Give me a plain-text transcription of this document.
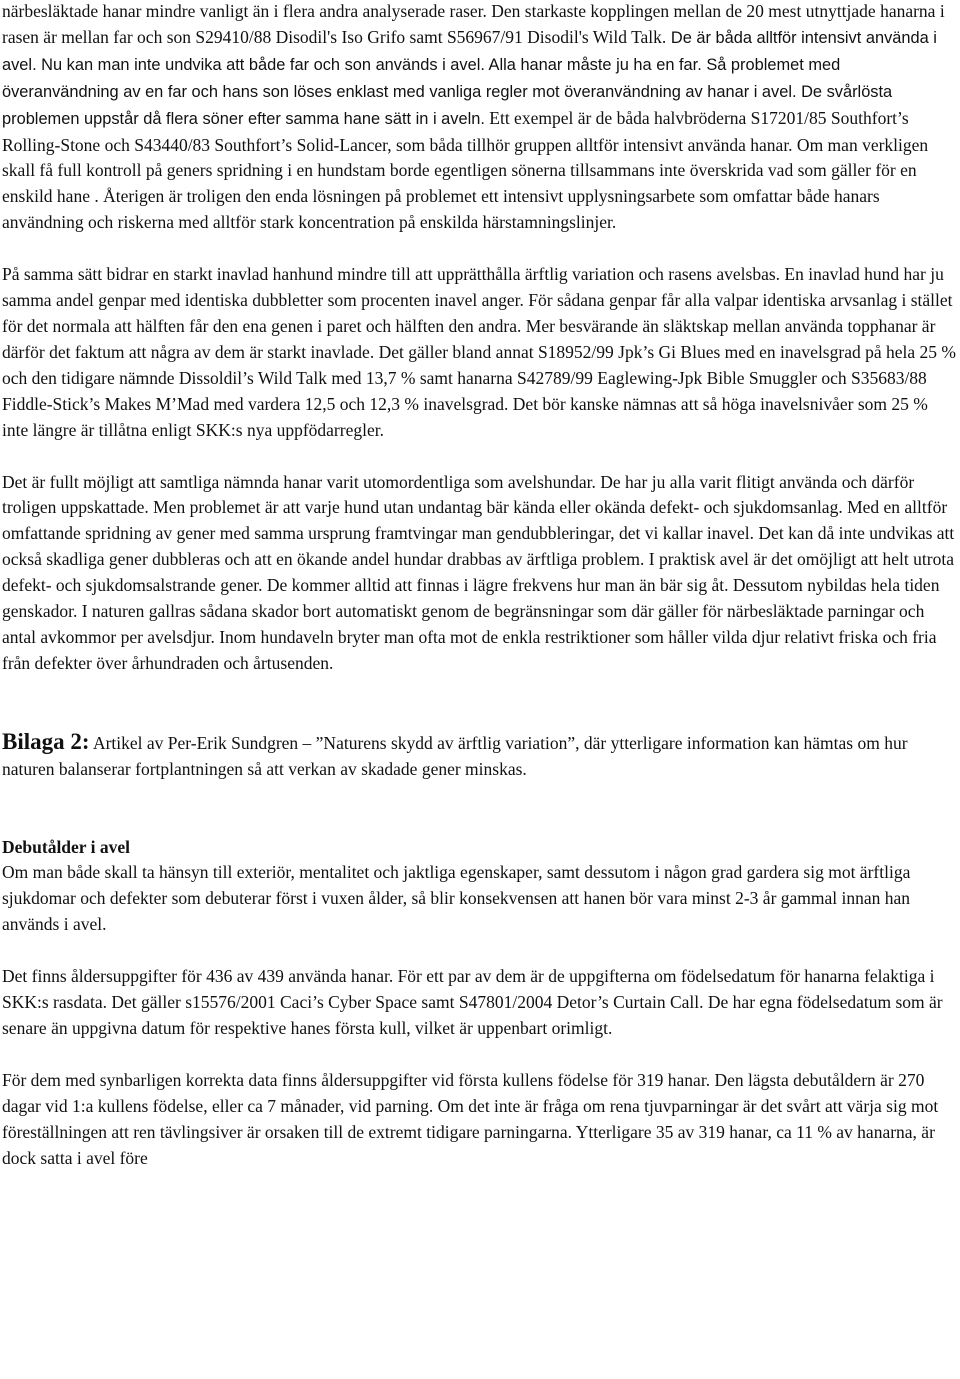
närbesläktade hanar mindre vanligt än i flera andra analyserade raser. Den starkaste kopplingen mellan de 20 mest utnyttjade hanarna i rasen är mellan far och son S29410/88 Disodil's Iso Grifo samt S56967/91 Disodil's Wild Talk. De är båda alltför intensivt använda i avel. Nu kan man inte undvika att både far och son används i avel. Alla hanar måste ju ha en far. Så problemet med överanvändning av en far och hans son löses enklast med vanliga regler mot överanvändning av hanar i avel. De svårlösta problemen uppstår då flera söner efter samma hane sätt in i aveln. Ett exempel är de båda halvbröderna S17201/85 Southfort’s Rolling-Stone och S43440/83 Southfort’s Solid-Lancer, som båda tillhör gruppen alltför intensivt använda hanar. Om man verkligen skall få full kontroll på geners spridning i en hundstam borde egentligen sönerna tillsammans inte överskrida vad som gäller för en enskild hane . Återigen är troligen den enda lösningen på problemet ett intensivt upplysningsarbete som omfattar både hanars användning och riskerna med alltför stark koncentration på enskilda härstamningslinjer.

På samma sätt bidrar en starkt inavlad hanhund mindre till att upprätthålla ärftlig variation och rasens avelsbas. En inavlad hund har ju samma andel genpar med identiska dubbletter som procenten inavel anger. För sådana genpar får alla valpar identiska arvsanlag i stället för det normala att hälften får den ena genen i paret och hälften den andra. Mer besvärande än släktskap mellan använda topphanar är därför det faktum att några av dem är starkt inavlade. Det gäller bland annat S18952/99 Jpk’s Gi Blues med en inavelsgrad på hela 25 % och den tidigare nämnde Dissoldil’s Wild Talk med 13,7 % samt hanarna S42789/99 Eaglewing-Jpk Bible Smuggler och S35683/88 Fiddle-Stick’s Makes M’Mad med vardera 12,5 och 12,3 % inavelsgrad. Det bör kanske nämnas att så höga inavelsnivåer som 25 % inte längre är tillåtna enligt SKK:s nya uppfödarregler.

Det är fullt möjligt att samtliga nämnda hanar varit utomordentliga som avelshundar. De har ju alla varit flitigt använda och därför troligen uppskattade. Men problemet är att varje hund utan undantag bär kända eller okända defekt- och sjukdomsanlag. Med en alltför omfattande spridning av gener med samma ursprung framtvingar man gendubbleringar, det vi kallar inavel. Det kan då inte undvikas att också skadliga gener dubbleras och att en ökande andel hundar drabbas av ärftliga problem. I praktisk avel är det omöjligt att helt utrota defekt- och sjukdomsalstrande gener. De kommer alltid att finnas i lägre frekvens hur man än bär sig åt. Dessutom nybildas hela tiden genskador. I naturen gallras sådana skador bort automatiskt genom de begränsningar som där gäller för närbesläktade parningar och antal avkommor per avelsdjur. Inom hundaveln bryter man ofta mot de enkla restriktioner som håller vilda djur relativt friska och fria från defekter över århundraden och årtusenden.

Bilaga 2: Artikel av Per-Erik Sundgren – ”Naturens skydd av ärftlig variation”, där ytterligare information kan hämtas om hur naturen balanserar fortplantningen så att verkan av skadade gener minskas.

Debutålder i avel
Om man både skall ta hänsyn till exteriör, mentalitet och jaktliga egenskaper, samt dessutom i någon grad gardera sig mot ärftliga sjukdomar och defekter som debuterar först i vuxen ålder, så blir konsekvensen att hanen bör vara minst 2-3 år gammal innan han används i avel.

Det finns åldersuppgifter för 436 av 439 använda hanar. För ett par av dem är de uppgifterna om födelsedatum för hanarna felaktiga i SKK:s rasdata. Det gäller s15576/2001 Caci’s Cyber Space samt S47801/2004 Detor’s Curtain Call. De har egna födelsedatum som är senare än uppgivna datum för respektive hanes första kull, vilket är uppenbart orimligt.

För dem med synbarligen korrekta data finns åldersuppgifter vid första kullens födelse för 319 hanar. Den lägsta debutåldern är 270 dagar vid 1:a kullens födelse, eller ca 7 månader, vid parning. Om det inte är fråga om rena tjuvparningar är det svårt att värja sig mot föreställningen att ren tävlingsiver är orsaken till de extremt tidigare parningarna. Ytterligare 35 av 319 hanar, ca 11 % av hanarna, är dock satta i avel före
